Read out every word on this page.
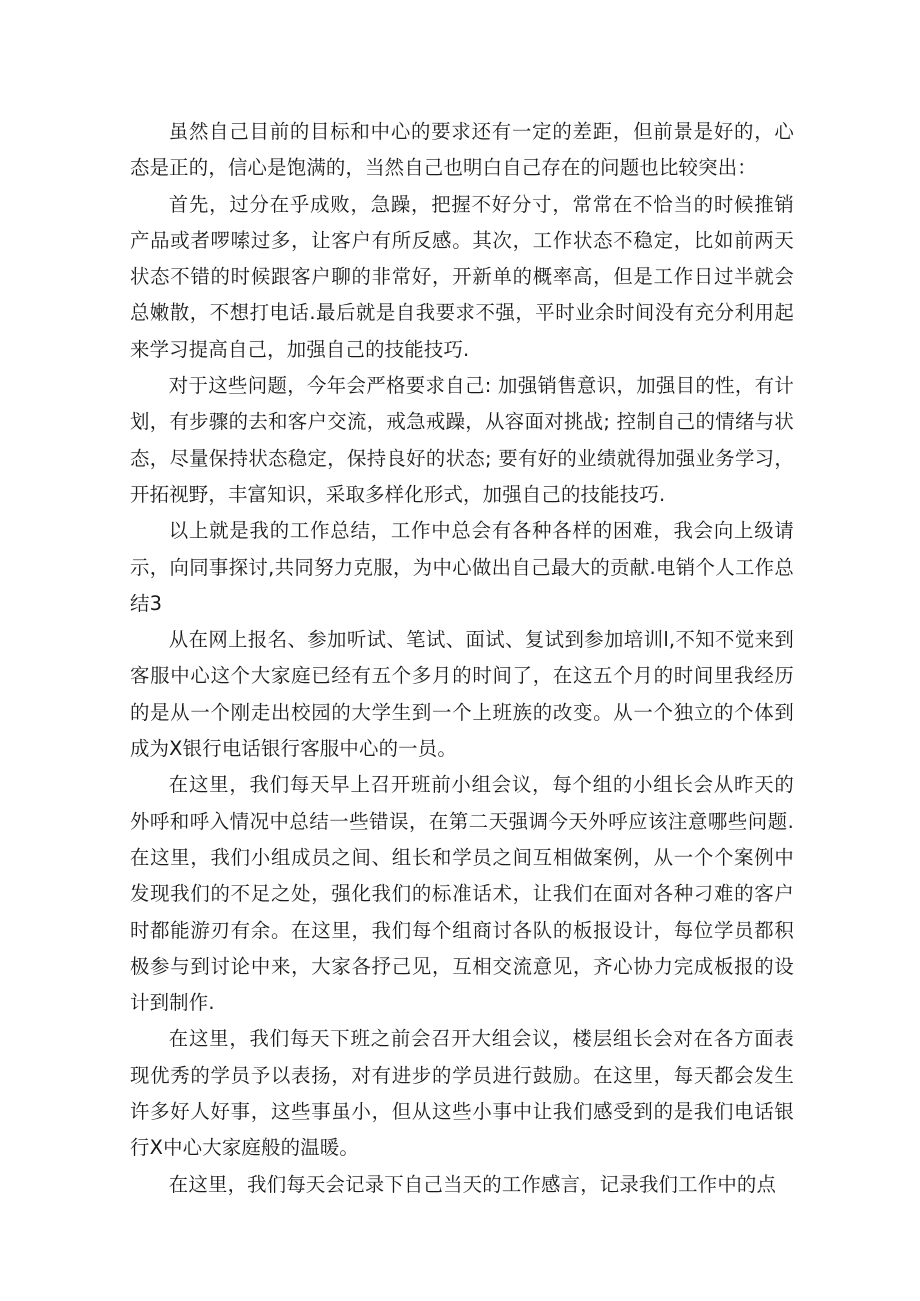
虽然自己目前的目标和中心的要求还有一定的差距，但前景是好的，心态是正的，信心是饱满的，当然自己也明白自己存在的问题也比较突出：

首先，过分在乎成败，急躁，把握不好分寸，常常在不恰当的时候推销产品或者啰嗦过多，让客户有所反感。其次，工作状态不稳定，比如前两天状态不错的时候跟客户聊的非常好，开新单的概率高，但是工作日过半就会总嫩散，不想打电话.最后就是自我要求不强，平时业余时间没有充分利用起来学习提高自己，加强自己的技能技巧.

对于这些问题，今年会严格要求自己: 加强销售意识，加强目的性，有计划，有步骤的去和客户交流，戒急戒躁，从容面对挑战; 控制自己的情绪与状态，尽量保持状态稳定，保持良好的状态; 要有好的业绩就得加强业务学习，开拓视野，丰富知识，采取多样化形式，加强自己的技能技巧.

以上就是我的工作总结，工作中总会有各种各样的困难，我会向上级请示，向同事探讨,共同努力克服，为中心做出自己最大的贡献.电销个人工作总结3

从在网上报名、参加听试、笔试、面试、复试到参加培训l,不知不觉来到客服中心这个大家庭已经有五个多月的时间了，在这五个月的时间里我经历的是从一个刚走出校园的大学生到一个上班族的改变。从一个独立的个体到成为X银行电话银行客服中心的一员。

在这里，我们每天早上召开班前小组会议，每个组的小组长会从昨天的外呼和呼入情况中总结一些错误，在第二天强调今天外呼应该注意哪些问题.在这里，我们小组成员之间、组长和学员之间互相做案例，从一个个案例中发现我们的不足之处，强化我们的标准话术，让我们在面对各种刁难的客户时都能游刃有余。在这里，我们每个组商讨各队的板报设计，每位学员都积极参与到讨论中来，大家各抒己见，互相交流意见，齐心协力完成板报的设计到制作.

在这里，我们每天下班之前会召开大组会议，楼层组长会对在各方面表现优秀的学员予以表扬，对有进步的学员进行鼓励。在这里，每天都会发生许多好人好事，这些事虽小，但从这些小事中让我们感受到的是我们电话银行X中心大家庭般的温暖。

在这里，我们每天会记录下自己当天的工作感言，记录我们工作中的点
